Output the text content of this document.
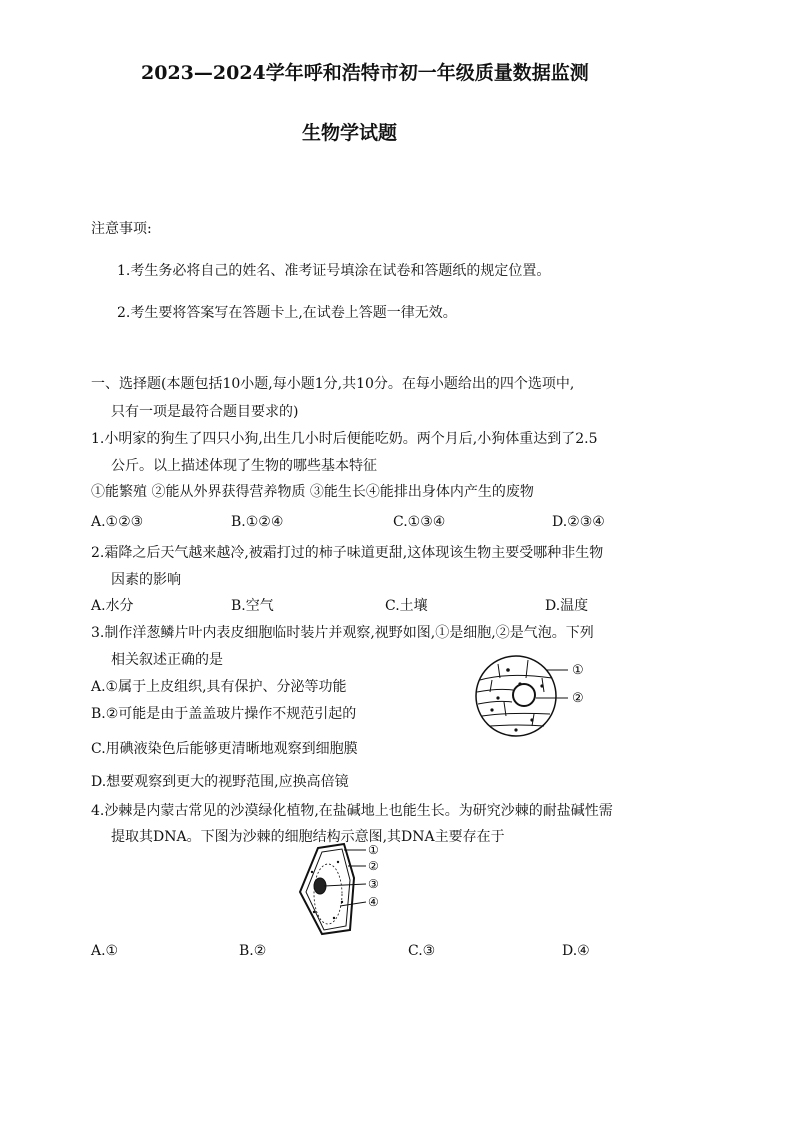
2023—2024学年呼和浩特市初一年级质量数据监测
生物学试题
注意事项:
1.考生务必将自己的姓名、准考证号填涂在试卷和答题纸的规定位置。
2.考生要将答案写在答题卡上,在试卷上答题一律无效。
一、选择题(本题包括10小题,每小题1分,共10分。在每小题给出的四个选项中,
只有一项是最符合题目要求的)
1.小明家的狗生了四只小狗,出生几小时后便能吃奶。两个月后,小狗体重达到了2.5
公斤。以上描述体现了生物的哪些基本特征
①能繁殖 ②能从外界获得营养物质 ③能生长④能排出身体内产生的废物
A.①②③	B.①②④	C.①③④	D.②③④
2.霜降之后天气越来越冷,被霜打过的柿子味道更甜,这体现该生物主要受哪种非生物
因素的影响
A.水分	B.空气	C.土壤	D.温度
3.制作洋葱鳞片叶内表皮细胞临时装片并观察,视野如图,①是细胞,②是气泡。下列
相关叙述正确的是
A.①属于上皮组织,具有保护、分泌等功能
B.②可能是由于盖盖玻片操作不规范引起的
C.用碘液染色后能够更清晰地观察到细胞膜
D.想要观察到更大的视野范围,应换高倍镜
①
②
4.沙棘是内蒙古常见的沙漠绿化植物,在盐碱地上也能生长。为研究沙棘的耐盐碱性需
提取其DNA。下图为沙棘的细胞结构示意图,其DNA主要存在于
①
②
③
④
A.①	B.②	C.③	D.④
